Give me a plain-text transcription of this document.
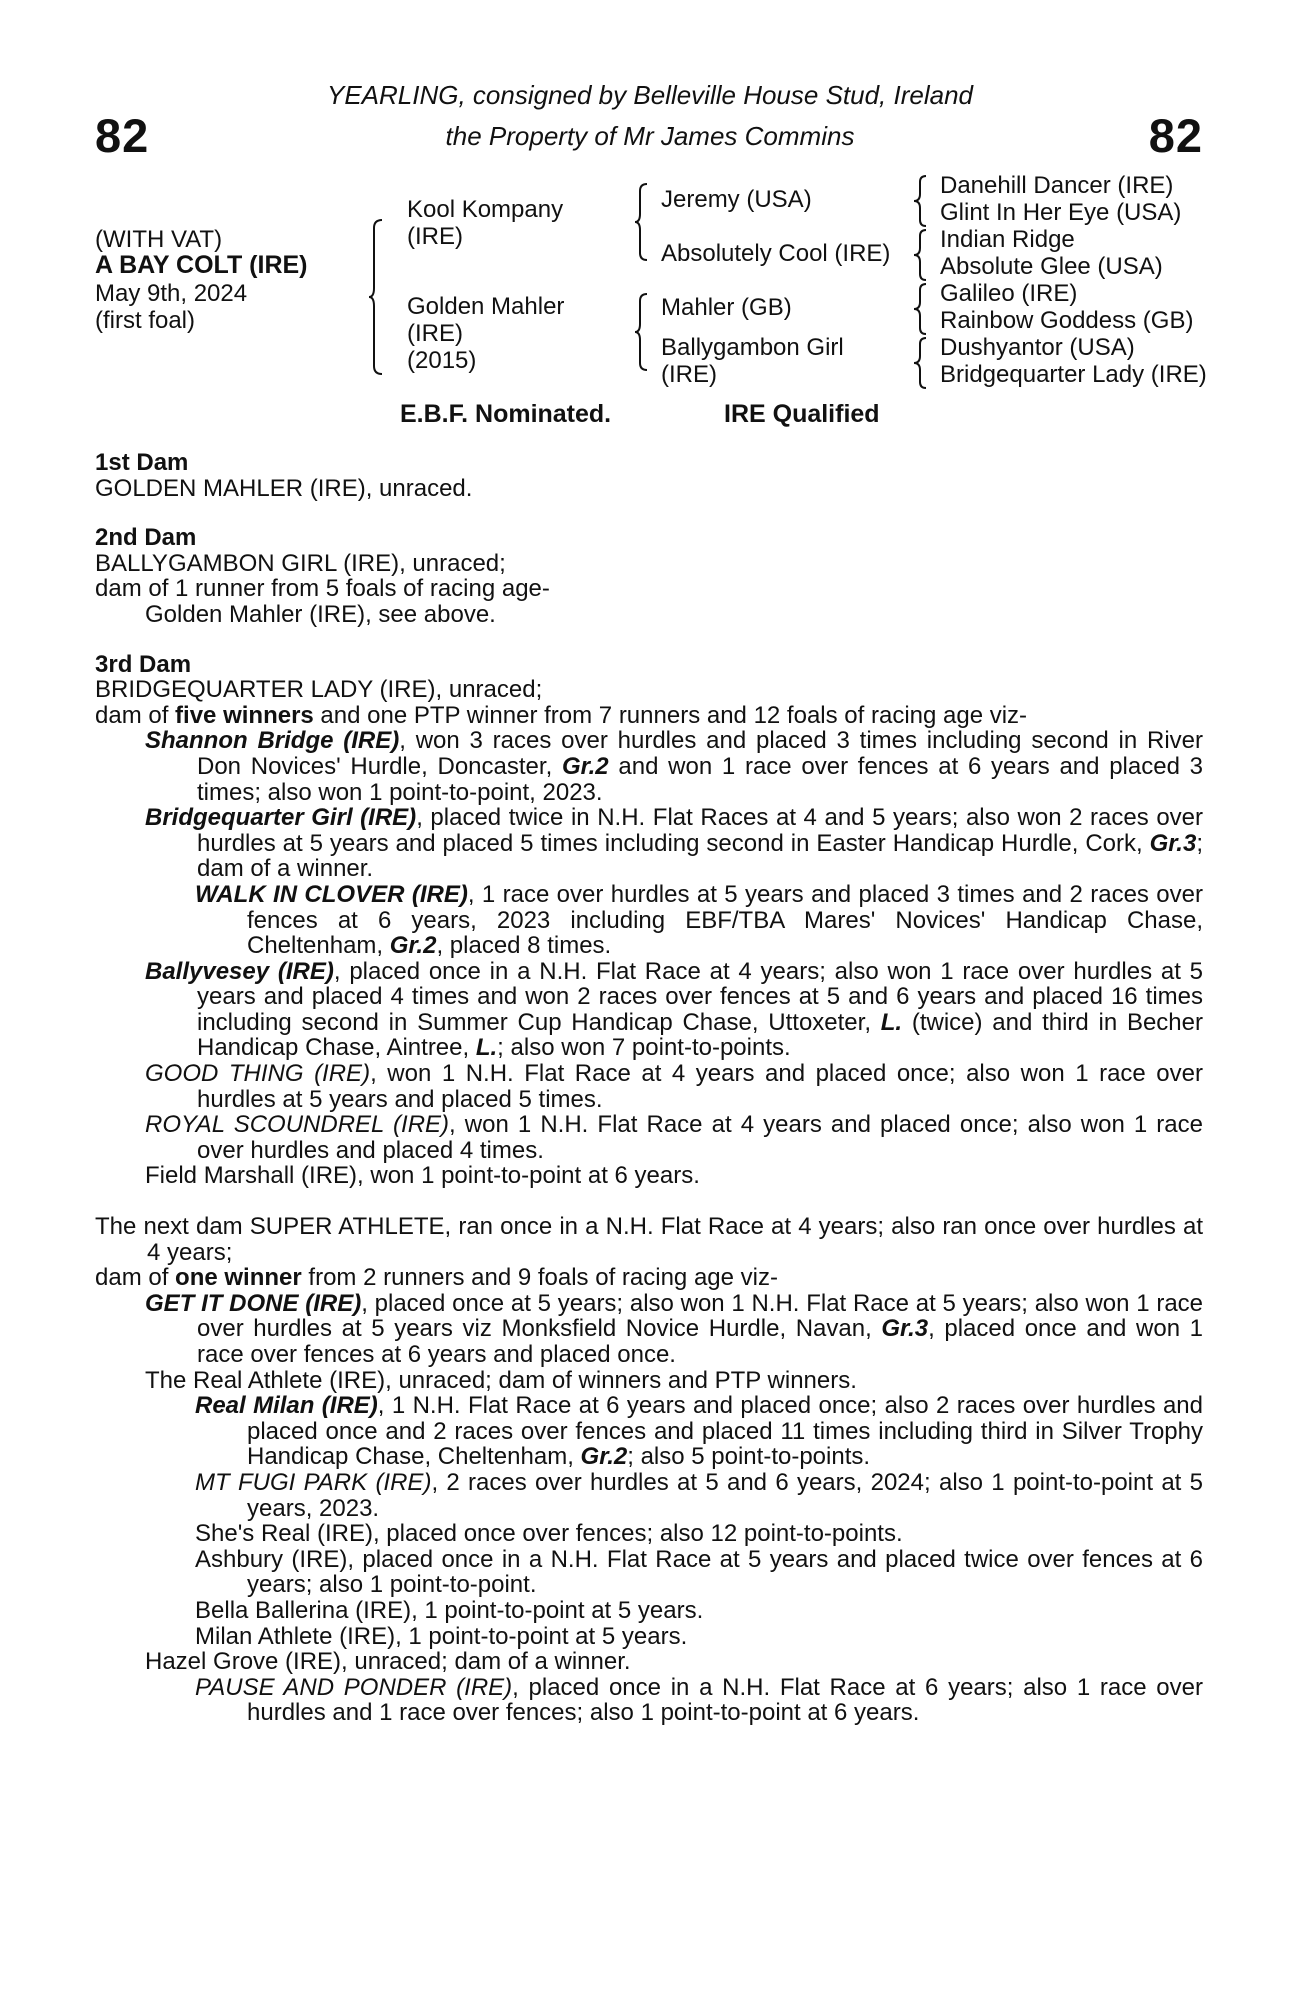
82	82
YEARLING, consigned by Belleville House Stud, Ireland
the Property of Mr James Commins
(WITH VAT)
A BAY COLT (IRE)
May 9th, 2024
(first foal)
Kool Kompany
(IRE)
Golden Mahler
(IRE)
(2015)
Jeremy (USA)
Absolutely Cool (IRE)
Mahler (GB)
Ballygambon Girl
(IRE)
Danehill Dancer (IRE)
Glint In Her Eye (USA)
Indian Ridge
Absolute Glee (USA)
Galileo (IRE)
Rainbow Goddess (GB)
Dushyantor (USA)
Bridgequarter Lady (IRE)
E.B.F. Nominated.	IRE Qualified
1st Dam
GOLDEN MAHLER (IRE), unraced.
2nd Dam
BALLYGAMBON GIRL (IRE), unraced;
dam of 1 runner from 5 foals of racing age-
Golden Mahler (IRE), see above.
3rd Dam
BRIDGEQUARTER LADY (IRE), unraced;
dam of five winners and one PTP winner from 7 runners and 12 foals of racing age viz-
Shannon Bridge (IRE), won 3 races over hurdles and placed 3 times including second in River Don Novices' Hurdle, Doncaster, Gr.2 and won 1 race over fences at 6 years and placed 3 times; also won 1 point-to-point, 2023.
Bridgequarter Girl (IRE), placed twice in N.H. Flat Races at 4 and 5 years; also won 2 races over hurdles at 5 years and placed 5 times including second in Easter Handicap Hurdle, Cork, Gr.3; dam of a winner.
WALK IN CLOVER (IRE), 1 race over hurdles at 5 years and placed 3 times and 2 races over fences at 6 years, 2023 including EBF/TBA Mares' Novices' Handicap Chase, Cheltenham, Gr.2, placed 8 times.
Ballyvesey (IRE), placed once in a N.H. Flat Race at 4 years; also won 1 race over hurdles at 5 years and placed 4 times and won 2 races over fences at 5 and 6 years and placed 16 times including second in Summer Cup Handicap Chase, Uttoxeter, L. (twice) and third in Becher Handicap Chase, Aintree, L.; also won 7 point-to-points.
GOOD THING (IRE), won 1 N.H. Flat Race at 4 years and placed once; also won 1 race over hurdles at 5 years and placed 5 times.
ROYAL SCOUNDREL (IRE), won 1 N.H. Flat Race at 4 years and placed once; also won 1 race over hurdles and placed 4 times.
Field Marshall (IRE), won 1 point-to-point at 6 years.
The next dam SUPER ATHLETE, ran once in a N.H. Flat Race at 4 years; also ran once over hurdles at 4 years;
dam of one winner from 2 runners and 9 foals of racing age viz-
GET IT DONE (IRE), placed once at 5 years; also won 1 N.H. Flat Race at 5 years; also won 1 race over hurdles at 5 years viz Monksfield Novice Hurdle, Navan, Gr.3, placed once and won 1 race over fences at 6 years and placed once.
The Real Athlete (IRE), unraced; dam of winners and PTP winners.
Real Milan (IRE), 1 N.H. Flat Race at 6 years and placed once; also 2 races over hurdles and placed once and 2 races over fences and placed 11 times including third in Silver Trophy Handicap Chase, Cheltenham, Gr.2; also 5 point-to-points.
MT FUGI PARK (IRE), 2 races over hurdles at 5 and 6 years, 2024; also 1 point-to-point at 5 years, 2023.
She's Real (IRE), placed once over fences; also 12 point-to-points.
Ashbury (IRE), placed once in a N.H. Flat Race at 5 years and placed twice over fences at 6 years; also 1 point-to-point.
Bella Ballerina (IRE), 1 point-to-point at 5 years.
Milan Athlete (IRE), 1 point-to-point at 5 years.
Hazel Grove (IRE), unraced; dam of a winner.
PAUSE AND PONDER (IRE), placed once in a N.H. Flat Race at 6 years; also 1 race over hurdles and 1 race over fences; also 1 point-to-point at 6 years.
